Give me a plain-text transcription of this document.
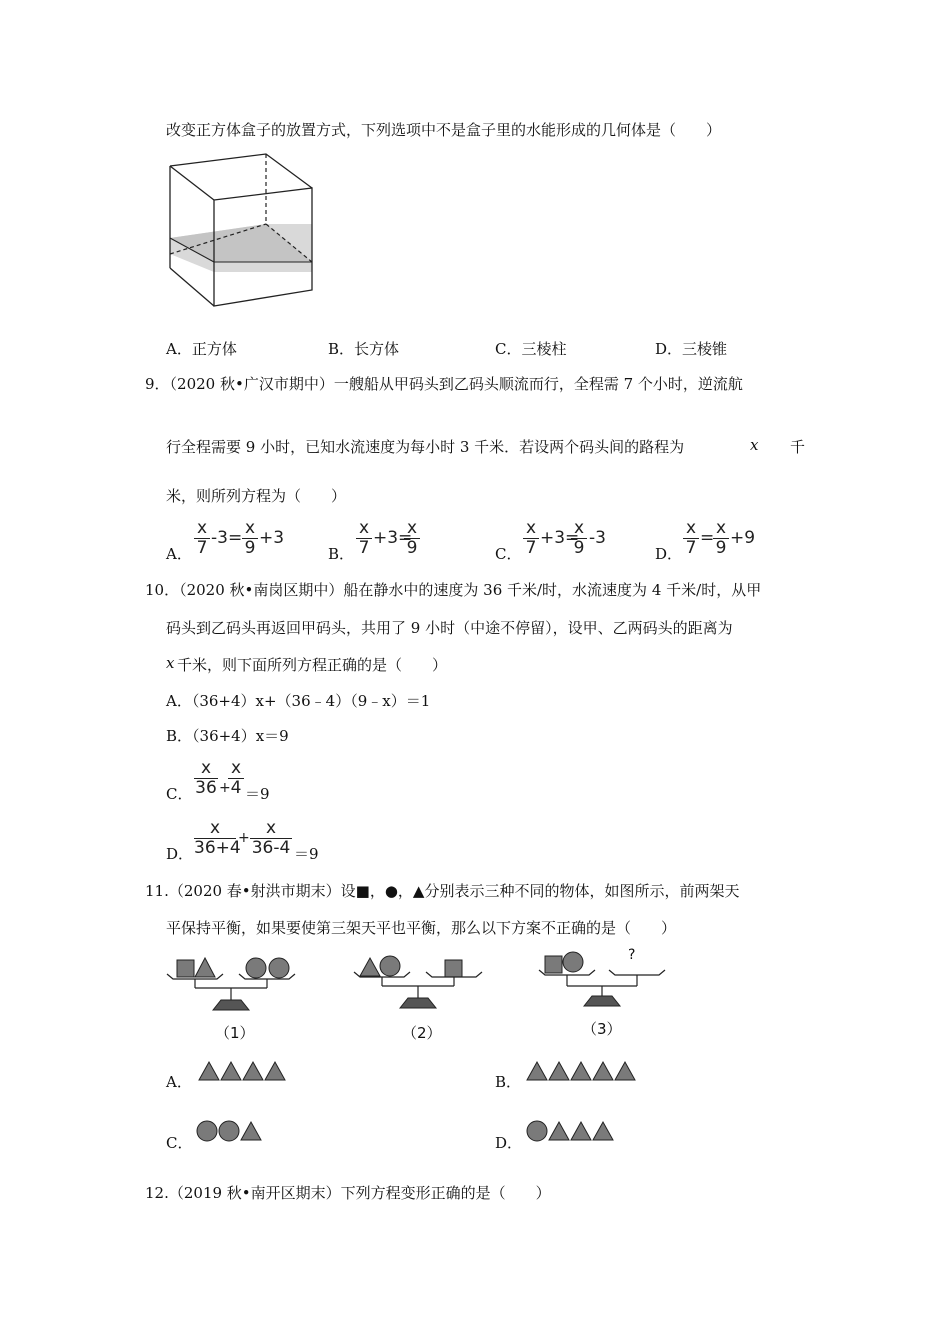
改变正方体盒子的放置方式，下列选项中不是盒子里的水能形成的几何体是（　　）
A．正方体	B．长方体	C．三棱柱	D．三棱锥
9．（2020 秋•广汉市期中）一艘船从甲码头到乙码头顺流而行，全程需 7 个小时，逆流航
行全程需要 9 小时，已知水流速度为每小时 3 千米．若设两个码头间的路程为	x 千
米，则所列方程为（　　）
A．
x
7 -3= x
9 +3
B．
x
7 +3=
x
9	C．
x
7 +3=
x
9 -3
D．
x
7 = x
9 +9
10．（2020 秋•南岗区期中）船在静水中的速度为 36 千米/时，水流速度为 4 千米/时，从甲
码头到乙码头再返回甲码头，共用了 9 小时（中途不停留），设甲、乙两码头的距离为
x 千米，则下面所列方程正确的是（　　）
A．（36+4）x+（36﹣4）（9﹣x）＝1
B．（36+4）x＝9
C．
x
36 +
x
4 ＝9
D．
x
36+4
+ x
36-4 ＝9
11.（2020 春•射洪市期末）设■，●，▲分别表示三种不同的物体，如图所示，前两架天
平保持平衡，如果要使第三架天平也平衡，那么以下方案不正确的是（　　）
（1）	（2）
?
（3）
A．	B．
C．	D．
12.（2019 秋•南开区期末）下列方程变形正确的是（　　）
